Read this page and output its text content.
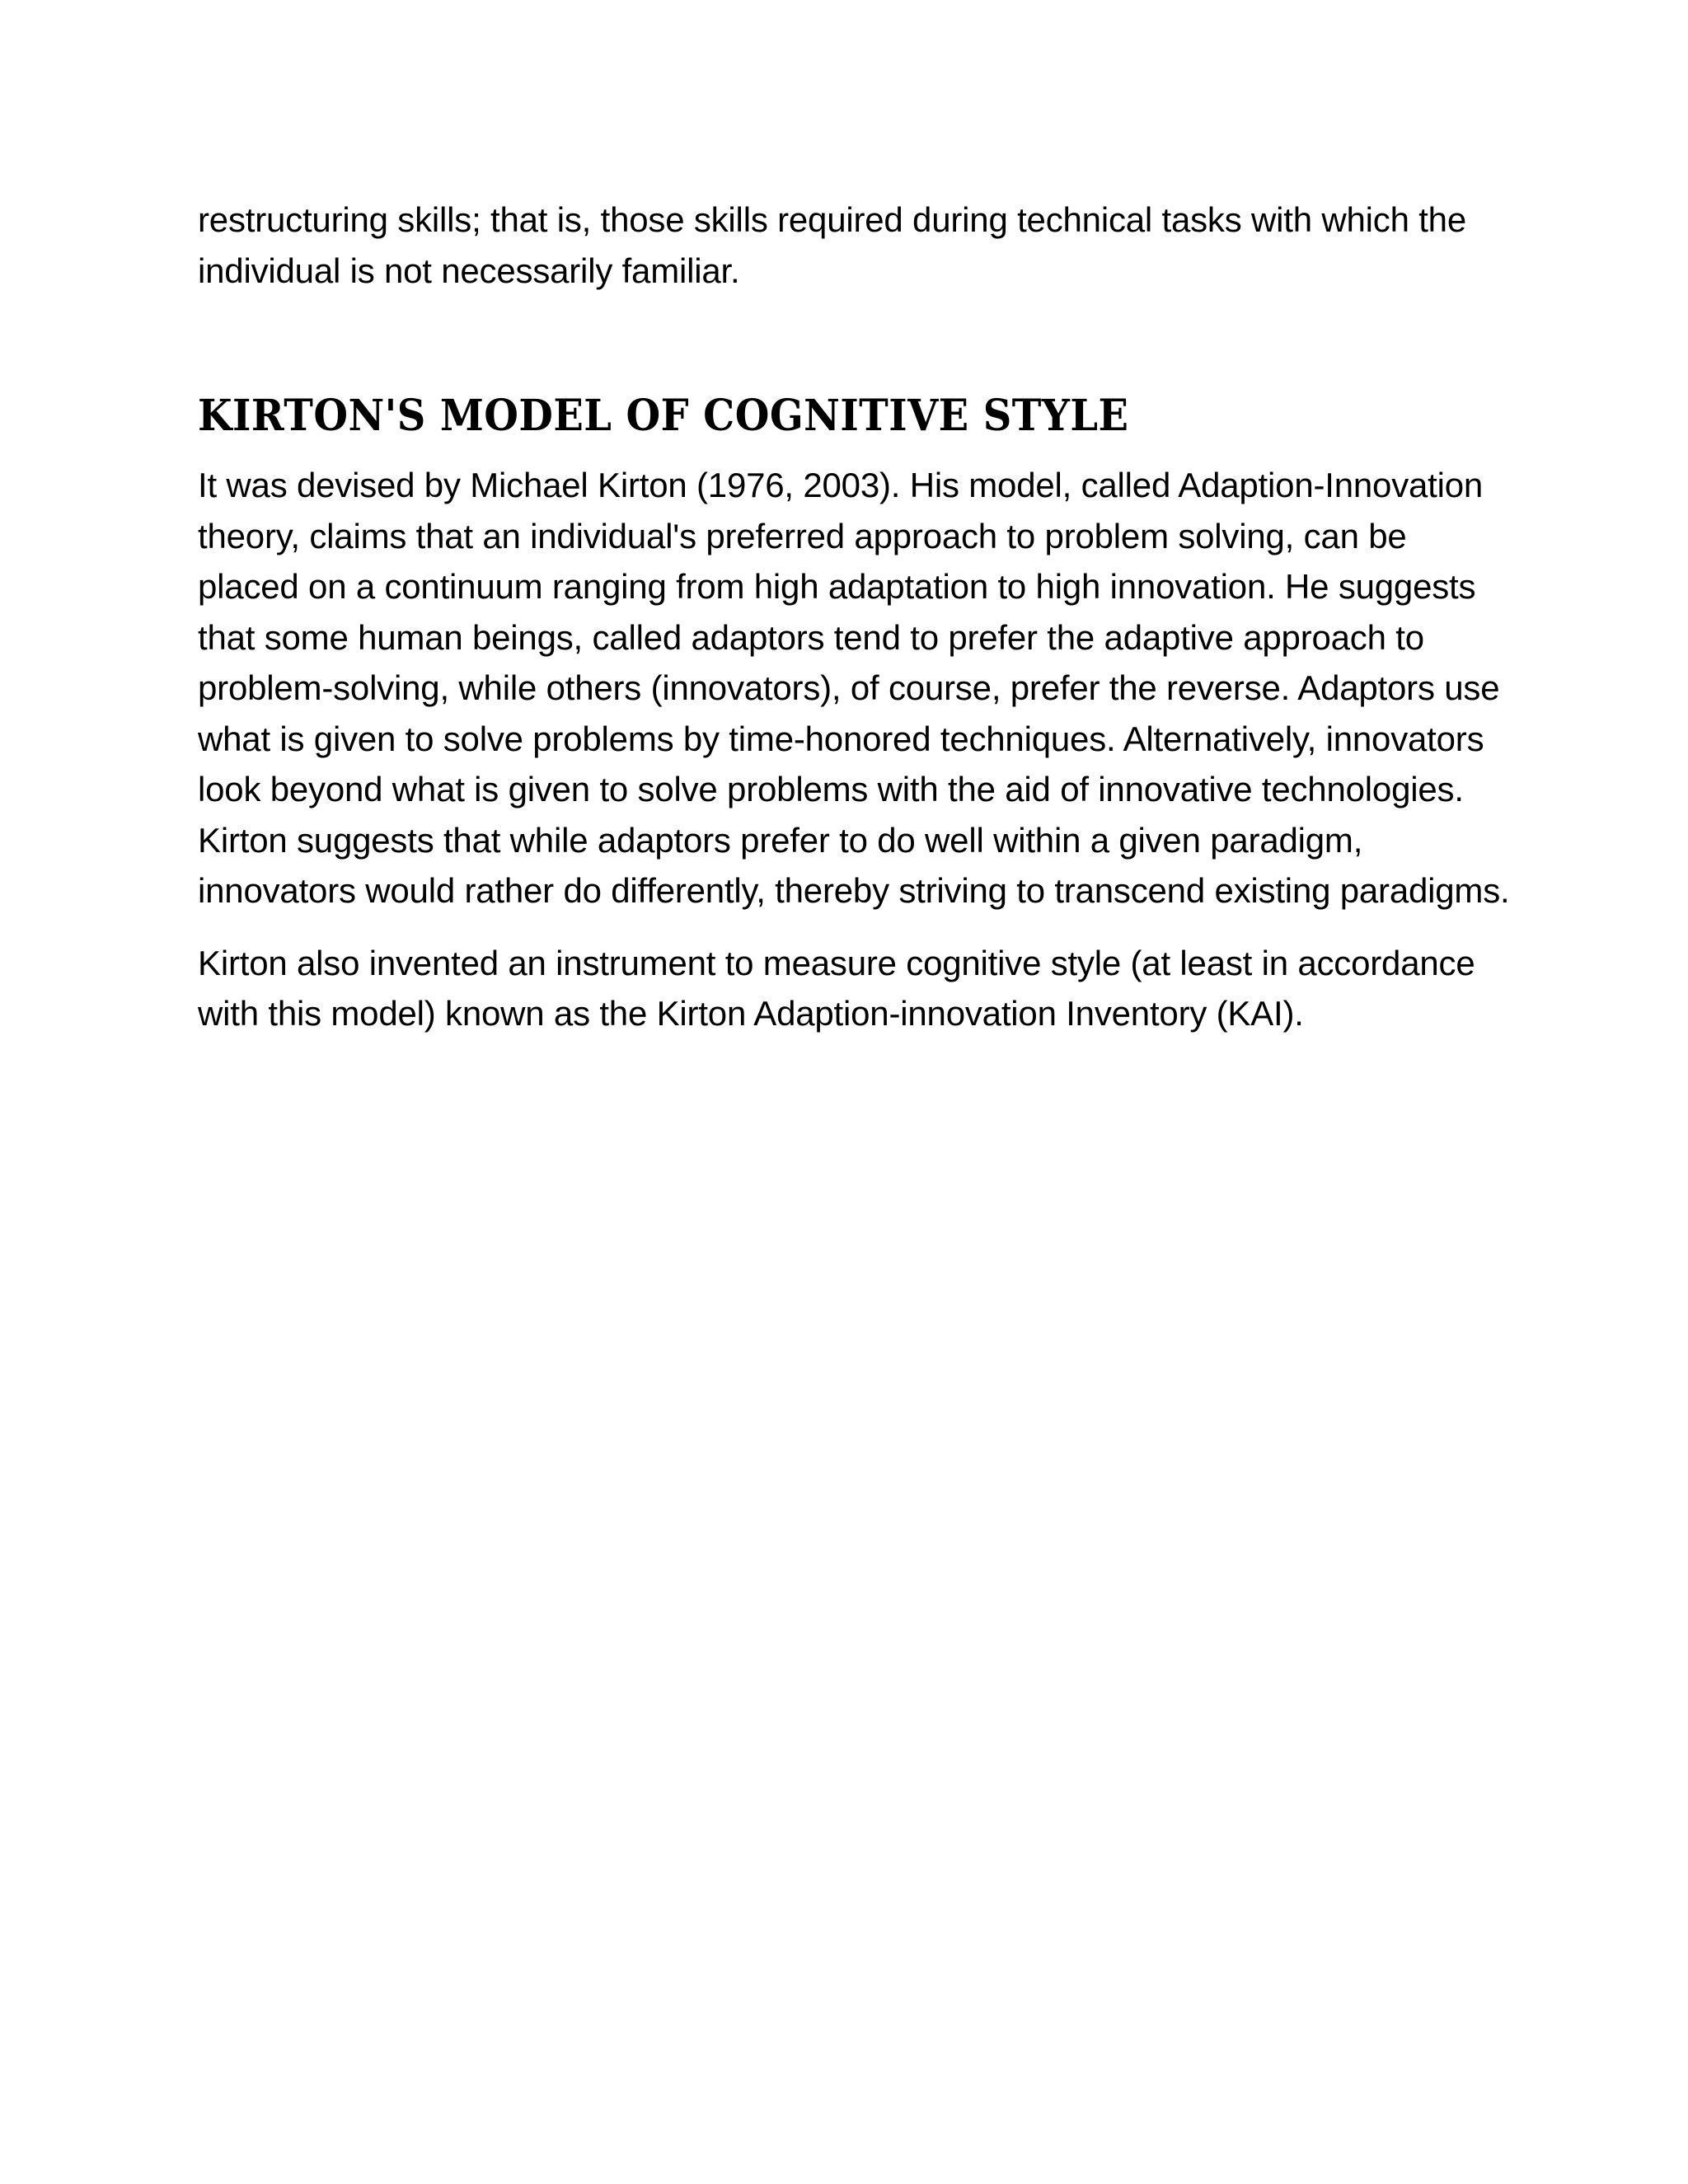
restructuring skills; that is, those skills required during technical tasks with which the individual is not necessarily familiar.

KIRTON'S MODEL OF COGNITIVE STYLE

It was devised by Michael Kirton (1976, 2003). His model, called Adaption-Innovation theory, claims that an individual's preferred approach to problem solving, can be placed on a continuum ranging from high adaptation to high innovation. He suggests that some human beings, called adaptors tend to prefer the adaptive approach to problem-solving, while others (innovators), of course, prefer the reverse. Adaptors use what is given to solve problems by time-honored techniques. Alternatively, innovators look beyond what is given to solve problems with the aid of innovative technologies. Kirton suggests that while adaptors prefer to do well within a given paradigm, innovators would rather do differently, thereby striving to transcend existing paradigms.

Kirton also invented an instrument to measure cognitive style (at least in accordance with this model) known as the Kirton Adaption-innovation Inventory (KAI).
